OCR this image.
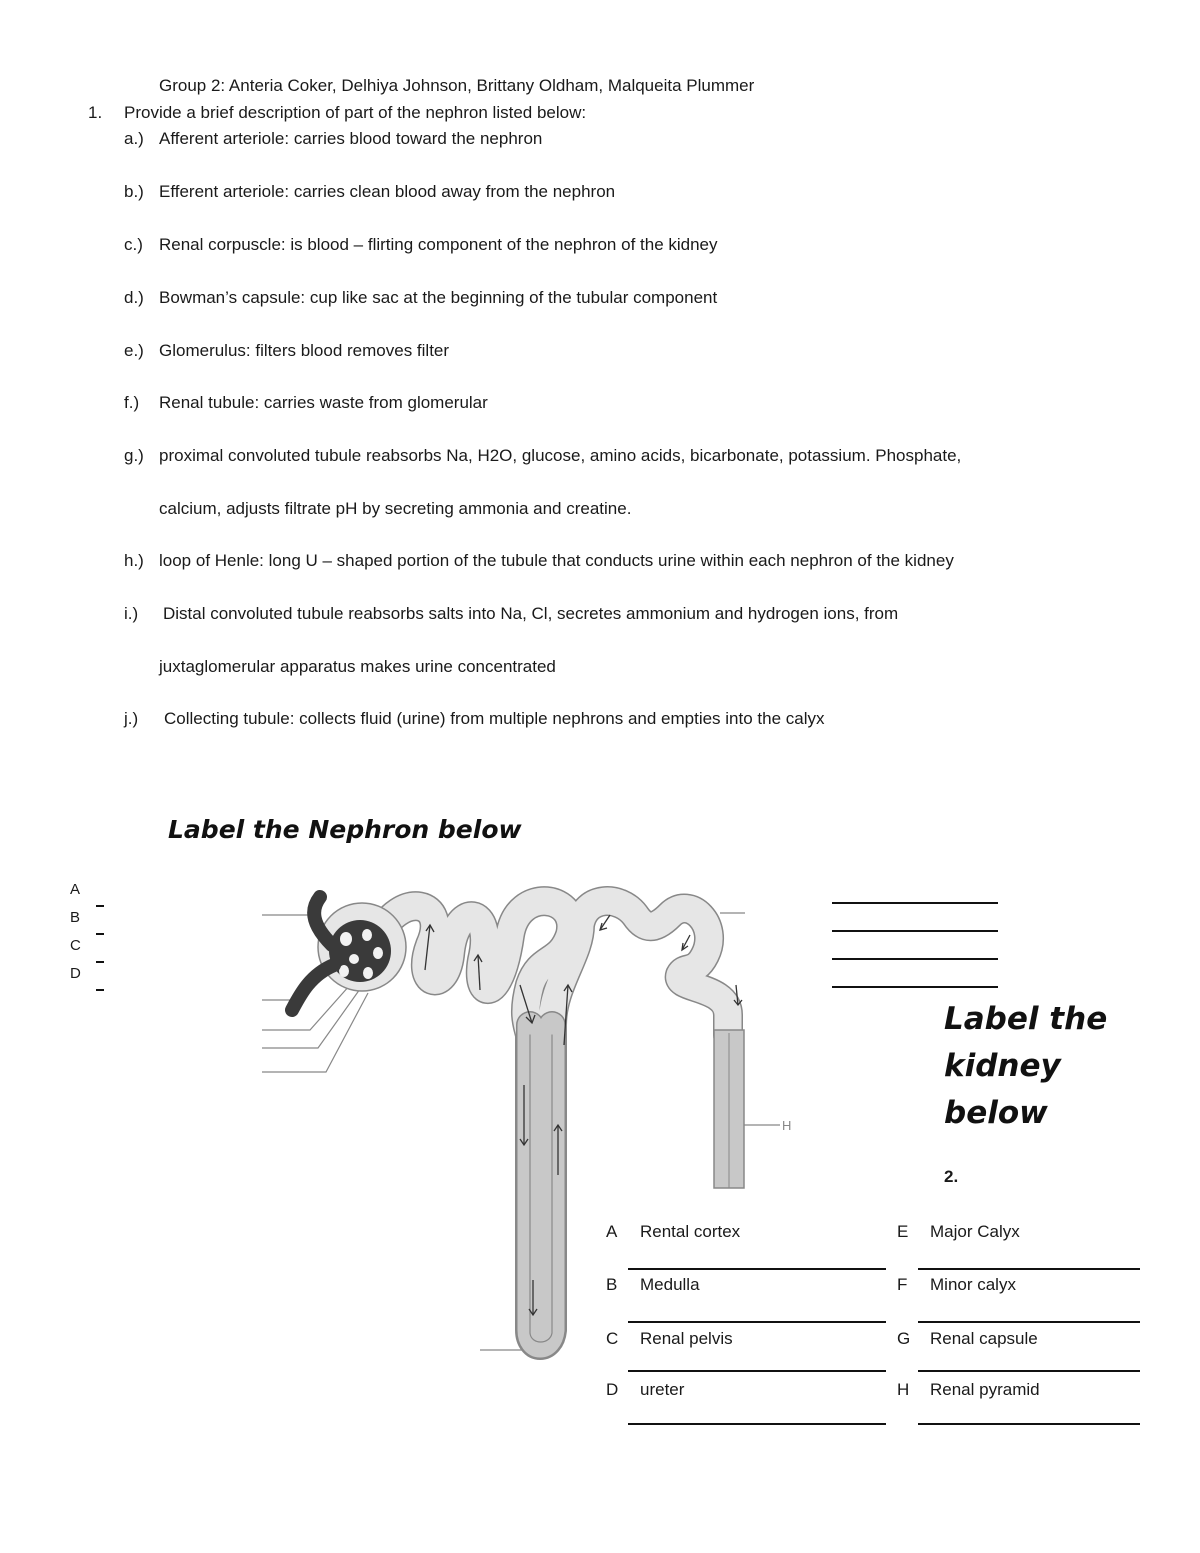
Group 2: Anteria Coker, Delhiya Johnson, Brittany Oldham, Malqueita Plummer
1. Provide a brief description of part of the nephron listed below:
a.) Afferent arteriole: carries blood toward the nephron
b.) Efferent arteriole: carries clean blood away from the nephron
c.) Renal corpuscle: is blood – flirting component of the nephron of the kidney
d.) Bowman’s capsule: cup like sac at the beginning of the tubular component
e.) Glomerulus: filters blood removes filter
f.) Renal tubule: carries waste from glomerular
g.) proximal convoluted tubule reabsorbs Na, H2O, glucose, amino acids, bicarbonate, potassium. Phosphate,
calcium, adjusts filtrate pH by secreting ammonia and creatine.
h.) loop of Henle: long U – shaped portion of the tubule that conducts urine within each nephron of the kidney
i.) Distal convoluted tubule reabsorbs salts into Na, Cl, secretes ammonium and hydrogen ions, from
juxtaglomerular apparatus makes urine concentrated
j.) Collecting tubule: collects fluid (urine) from multiple nephrons and empties into the calyx
Label the Nephron below
A
B
C
D
H
Label the
kidney
below
2.
A Rental cortex
B Medulla
C Renal pelvis
D ureter
E Major Calyx
F Minor calyx
G Renal capsule
H Renal pyramid
